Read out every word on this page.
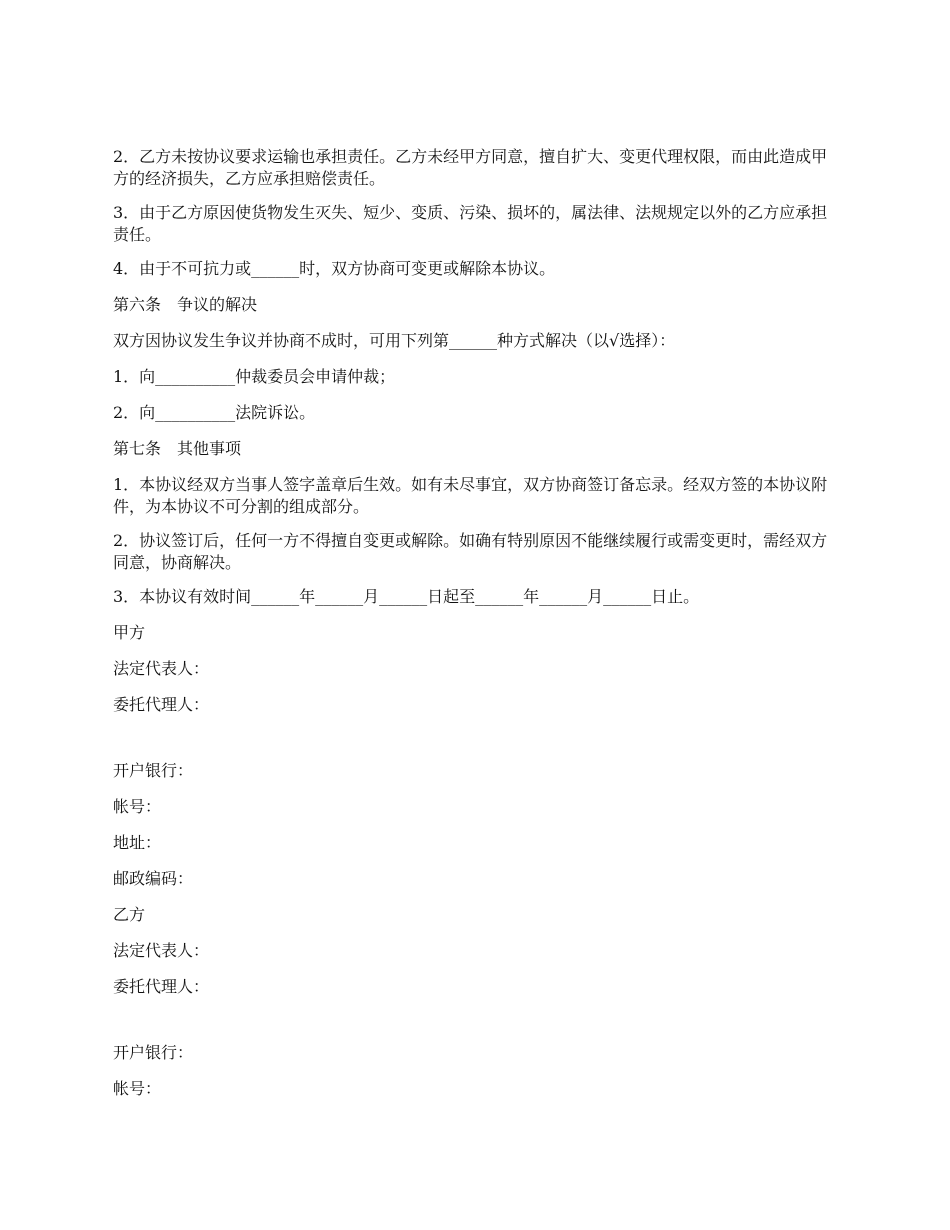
2．乙方未按协议要求运输也承担责任。乙方未经甲方同意，擅自扩大、变更代理权限，而由此造成甲方的经济损失，乙方应承担赔偿责任。

3．由于乙方原因使货物发生灭失、短少、变质、污染、损坏的，属法律、法规规定以外的乙方应承担责任。

4．由于不可抗力或______时，双方协商可变更或解除本协议。

第六条　争议的解决

双方因协议发生争议并协商不成时，可用下列第______种方式解决（以√选择）：

1．向__________仲裁委员会申请仲裁；

2．向__________法院诉讼。

第七条　其他事项

1．本协议经双方当事人签字盖章后生效。如有未尽事宜，双方协商签订备忘录。经双方签的本协议附件，为本协议不可分割的组成部分。

2．协议签订后，任何一方不得擅自变更或解除。如确有特别原因不能继续履行或需变更时，需经双方同意，协商解决。

3．本协议有效时间______年______月______日起至______年______月______日止。

甲方

法定代表人：

委托代理人：

开户银行：

帐号：

地址：

邮政编码：

乙方

法定代表人：

委托代理人：

开户银行：

帐号：
